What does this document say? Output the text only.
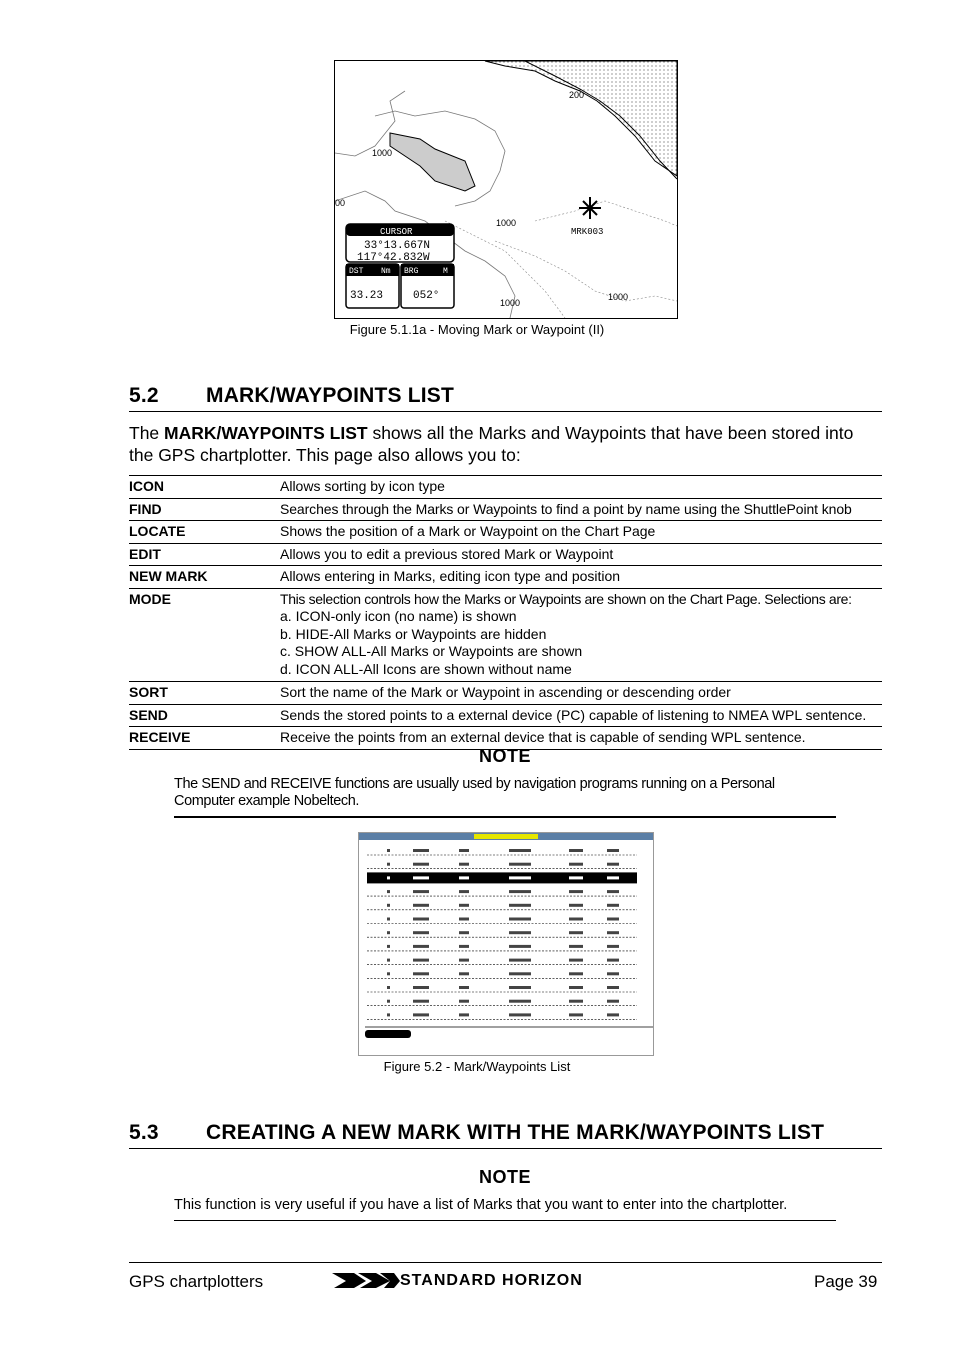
200
1000
00
1000
1000
1000
MRK003
CURSOR
33°13.667N
117°42.832W
DST Nm
33.23
BRG	M
052°
Figure 5.1.1a - Moving Mark or Waypoint (II)
5.2 MARK/WAYPOINTS LIST
The MARK/WAYPOINTS LIST shows all the Marks and Waypoints that have been stored into the GPS chartplotter. This page also allows you to:
ICON	Allows sorting by icon type
FIND	Searches through the Marks or Waypoints to find a point by name using the ShuttlePoint knob
LOCATE	Shows the position of a Mark or Waypoint on the Chart Page
EDIT	Allows you to edit a previous stored Mark or Waypoint
NEW MARK	Allows entering in Marks, editing icon type and position
MODE	This selection controls how the Marks or Waypoints are shown on the Chart Page. Selections are:
a. ICON-only icon (no name) is shown
b. HIDE-All Marks or Waypoints are hidden
c. SHOW ALL-All Marks or Waypoints are shown
d. ICON ALL-All Icons are shown without name

SORT	Sort the name of the Mark or Waypoint in ascending or descending order
SEND	Sends the stored points to a external device (PC) capable of listening to NMEA WPL sentence.
RECEIVE	Receive the points from an external device that is capable of sending WPL sentence.
NOTE
The SEND and RECEIVE functions are usually used by navigation programs running on a Personal Computer example Nobeltech.
Figure 5.2 - Mark/Waypoints List
5.3 CREATING A NEW MARK WITH THE MARK/WAYPOINTS LIST
NOTE
This function is very useful if you have a list of Marks that you want to enter into the chartplotter.
GPS chartplotters	STANDARD HORIZON	Page 39
